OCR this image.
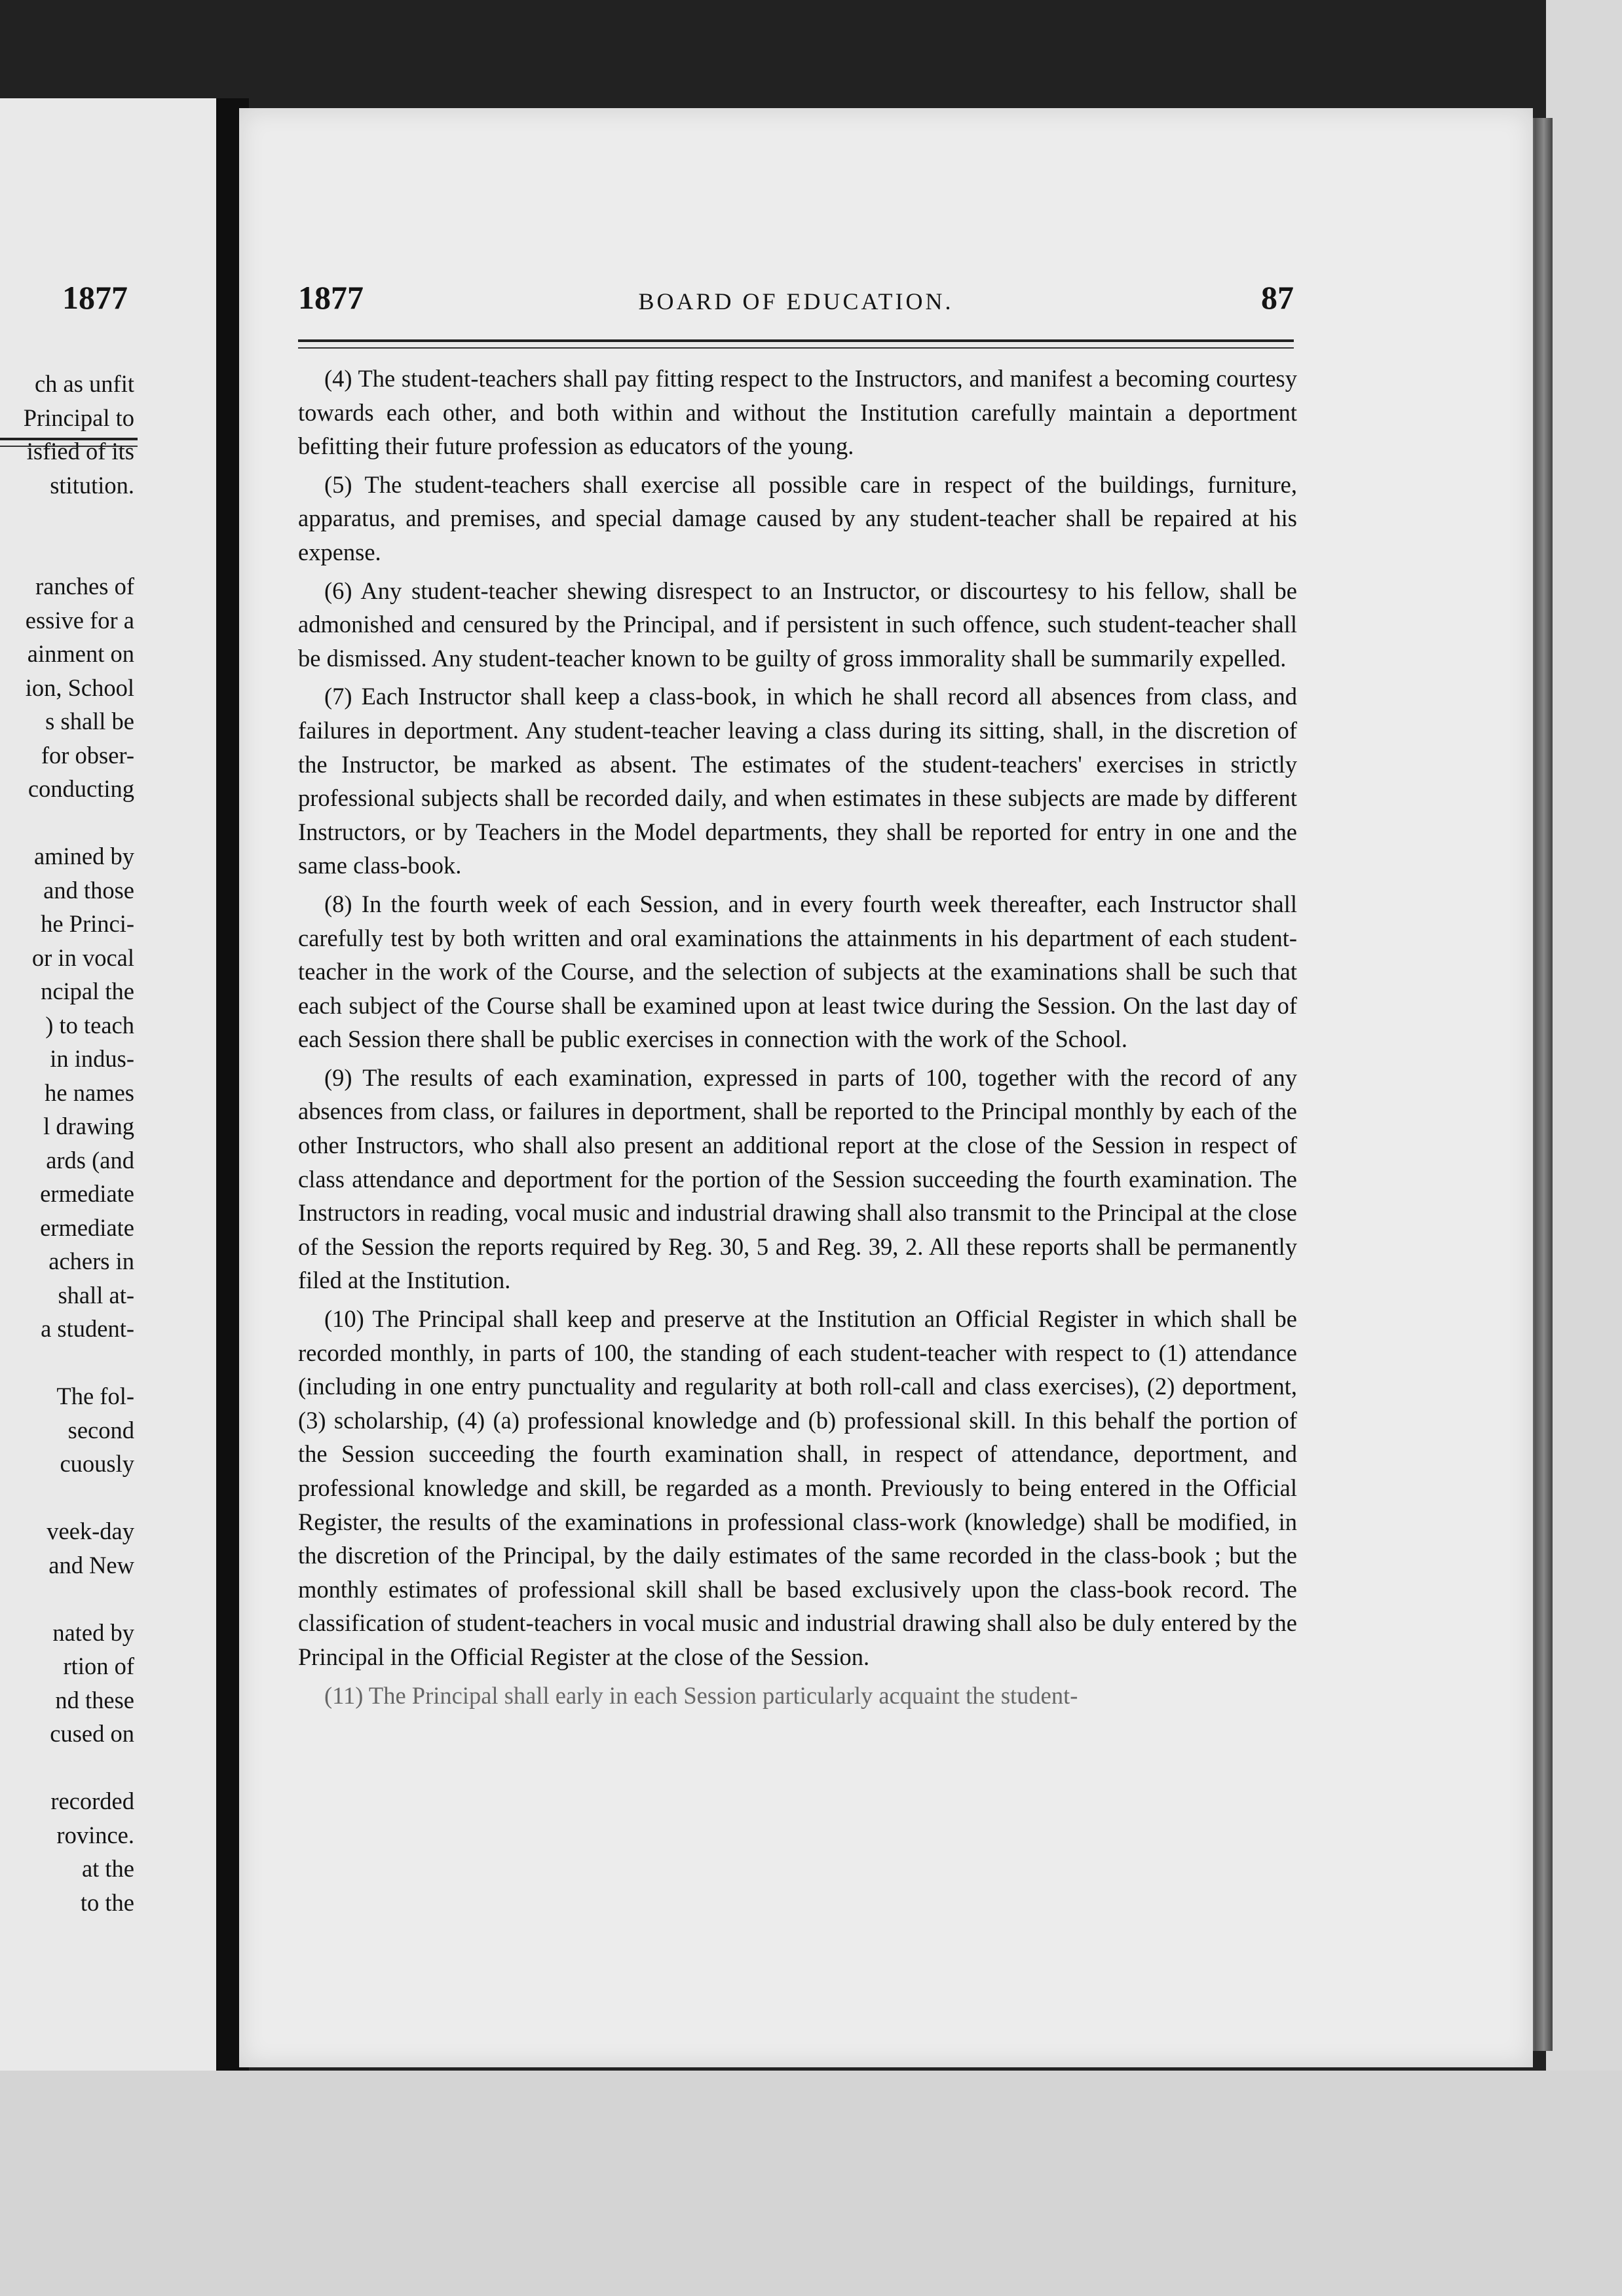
1877
ch as unfit
Principal to
isfied of its
stitution.
ranches of
essive for a
ainment on
ion, School
s shall be
for obser-
conducting
amined by
and those
he Princi-
or in vocal
ncipal the
) to teach
in indus-
he names
l drawing
ards (and
ermediate
ermediate
achers in
shall at-
a student-
The fol-
second
cuously
veek-day
and New
nated by
rtion of
nd these
cused on
recorded
rovince.
at the
to the
1877	BOARD OF EDUCATION.	87

(4) The student-teachers shall pay fitting respect to the Instructors, and manifest a becoming courtesy towards each other, and both within and without the Institution carefully maintain a deportment befitting their future profession as educators of the young.

(5) The student-teachers shall exercise all possible care in respect of the buildings, furniture, apparatus, and premises, and special damage caused by any student-teacher shall be repaired at his expense.

(6) Any student-teacher shewing disrespect to an Instructor, or discourtesy to his fellow, shall be admonished and censured by the Principal, and if persistent in such offence, such student-teacher shall be dismissed. Any student-teacher known to be guilty of gross immorality shall be summarily expelled.

(7) Each Instructor shall keep a class-book, in which he shall record all absences from class, and failures in deportment. Any student-teacher leaving a class during its sitting, shall, in the discretion of the Instructor, be marked as absent. The estimates of the student-teachers' exercises in strictly professional subjects shall be recorded daily, and when estimates in these subjects are made by different Instructors, or by Teachers in the Model departments, they shall be reported for entry in one and the same class-book.

(8) In the fourth week of each Session, and in every fourth week thereafter, each Instructor shall carefully test by both written and oral examinations the attainments in his department of each student-teacher in the work of the Course, and the selection of subjects at the examinations shall be such that each subject of the Course shall be examined upon at least twice during the Session. On the last day of each Session there shall be public exercises in connection with the work of the School.

(9) The results of each examination, expressed in parts of 100, together with the record of any absences from class, or failures in deportment, shall be reported to the Principal monthly by each of the other Instructors, who shall also present an additional report at the close of the Session in respect of class attendance and deportment for the portion of the Session succeeding the fourth examination. The Instructors in reading, vocal music and industrial drawing shall also transmit to the Principal at the close of the Session the reports required by Reg. 30, 5 and Reg. 39, 2. All these reports shall be permanently filed at the Institution.

(10) The Principal shall keep and preserve at the Institution an Official Register in which shall be recorded monthly, in parts of 100, the standing of each student-teacher with respect to (1) attendance (including in one entry punctuality and regularity at both roll-call and class exercises), (2) deportment, (3) scholarship, (4) (a) professional knowledge and (b) professional skill. In this behalf the portion of the Session succeeding the fourth examination shall, in respect of attendance, deportment, and professional knowledge and skill, be regarded as a month. Previously to being entered in the Official Register, the results of the examinations in professional class-work (knowledge) shall be modified, in the discretion of the Principal, by the daily estimates of the same recorded in the class-book ; but the monthly estimates of professional skill shall be based exclusively upon the class-book record. The classification of student-teachers in vocal music and industrial drawing shall also be duly entered by the Principal in the Official Register at the close of the Session.

(11) The Principal shall early in each Session particularly acquaint the student-
